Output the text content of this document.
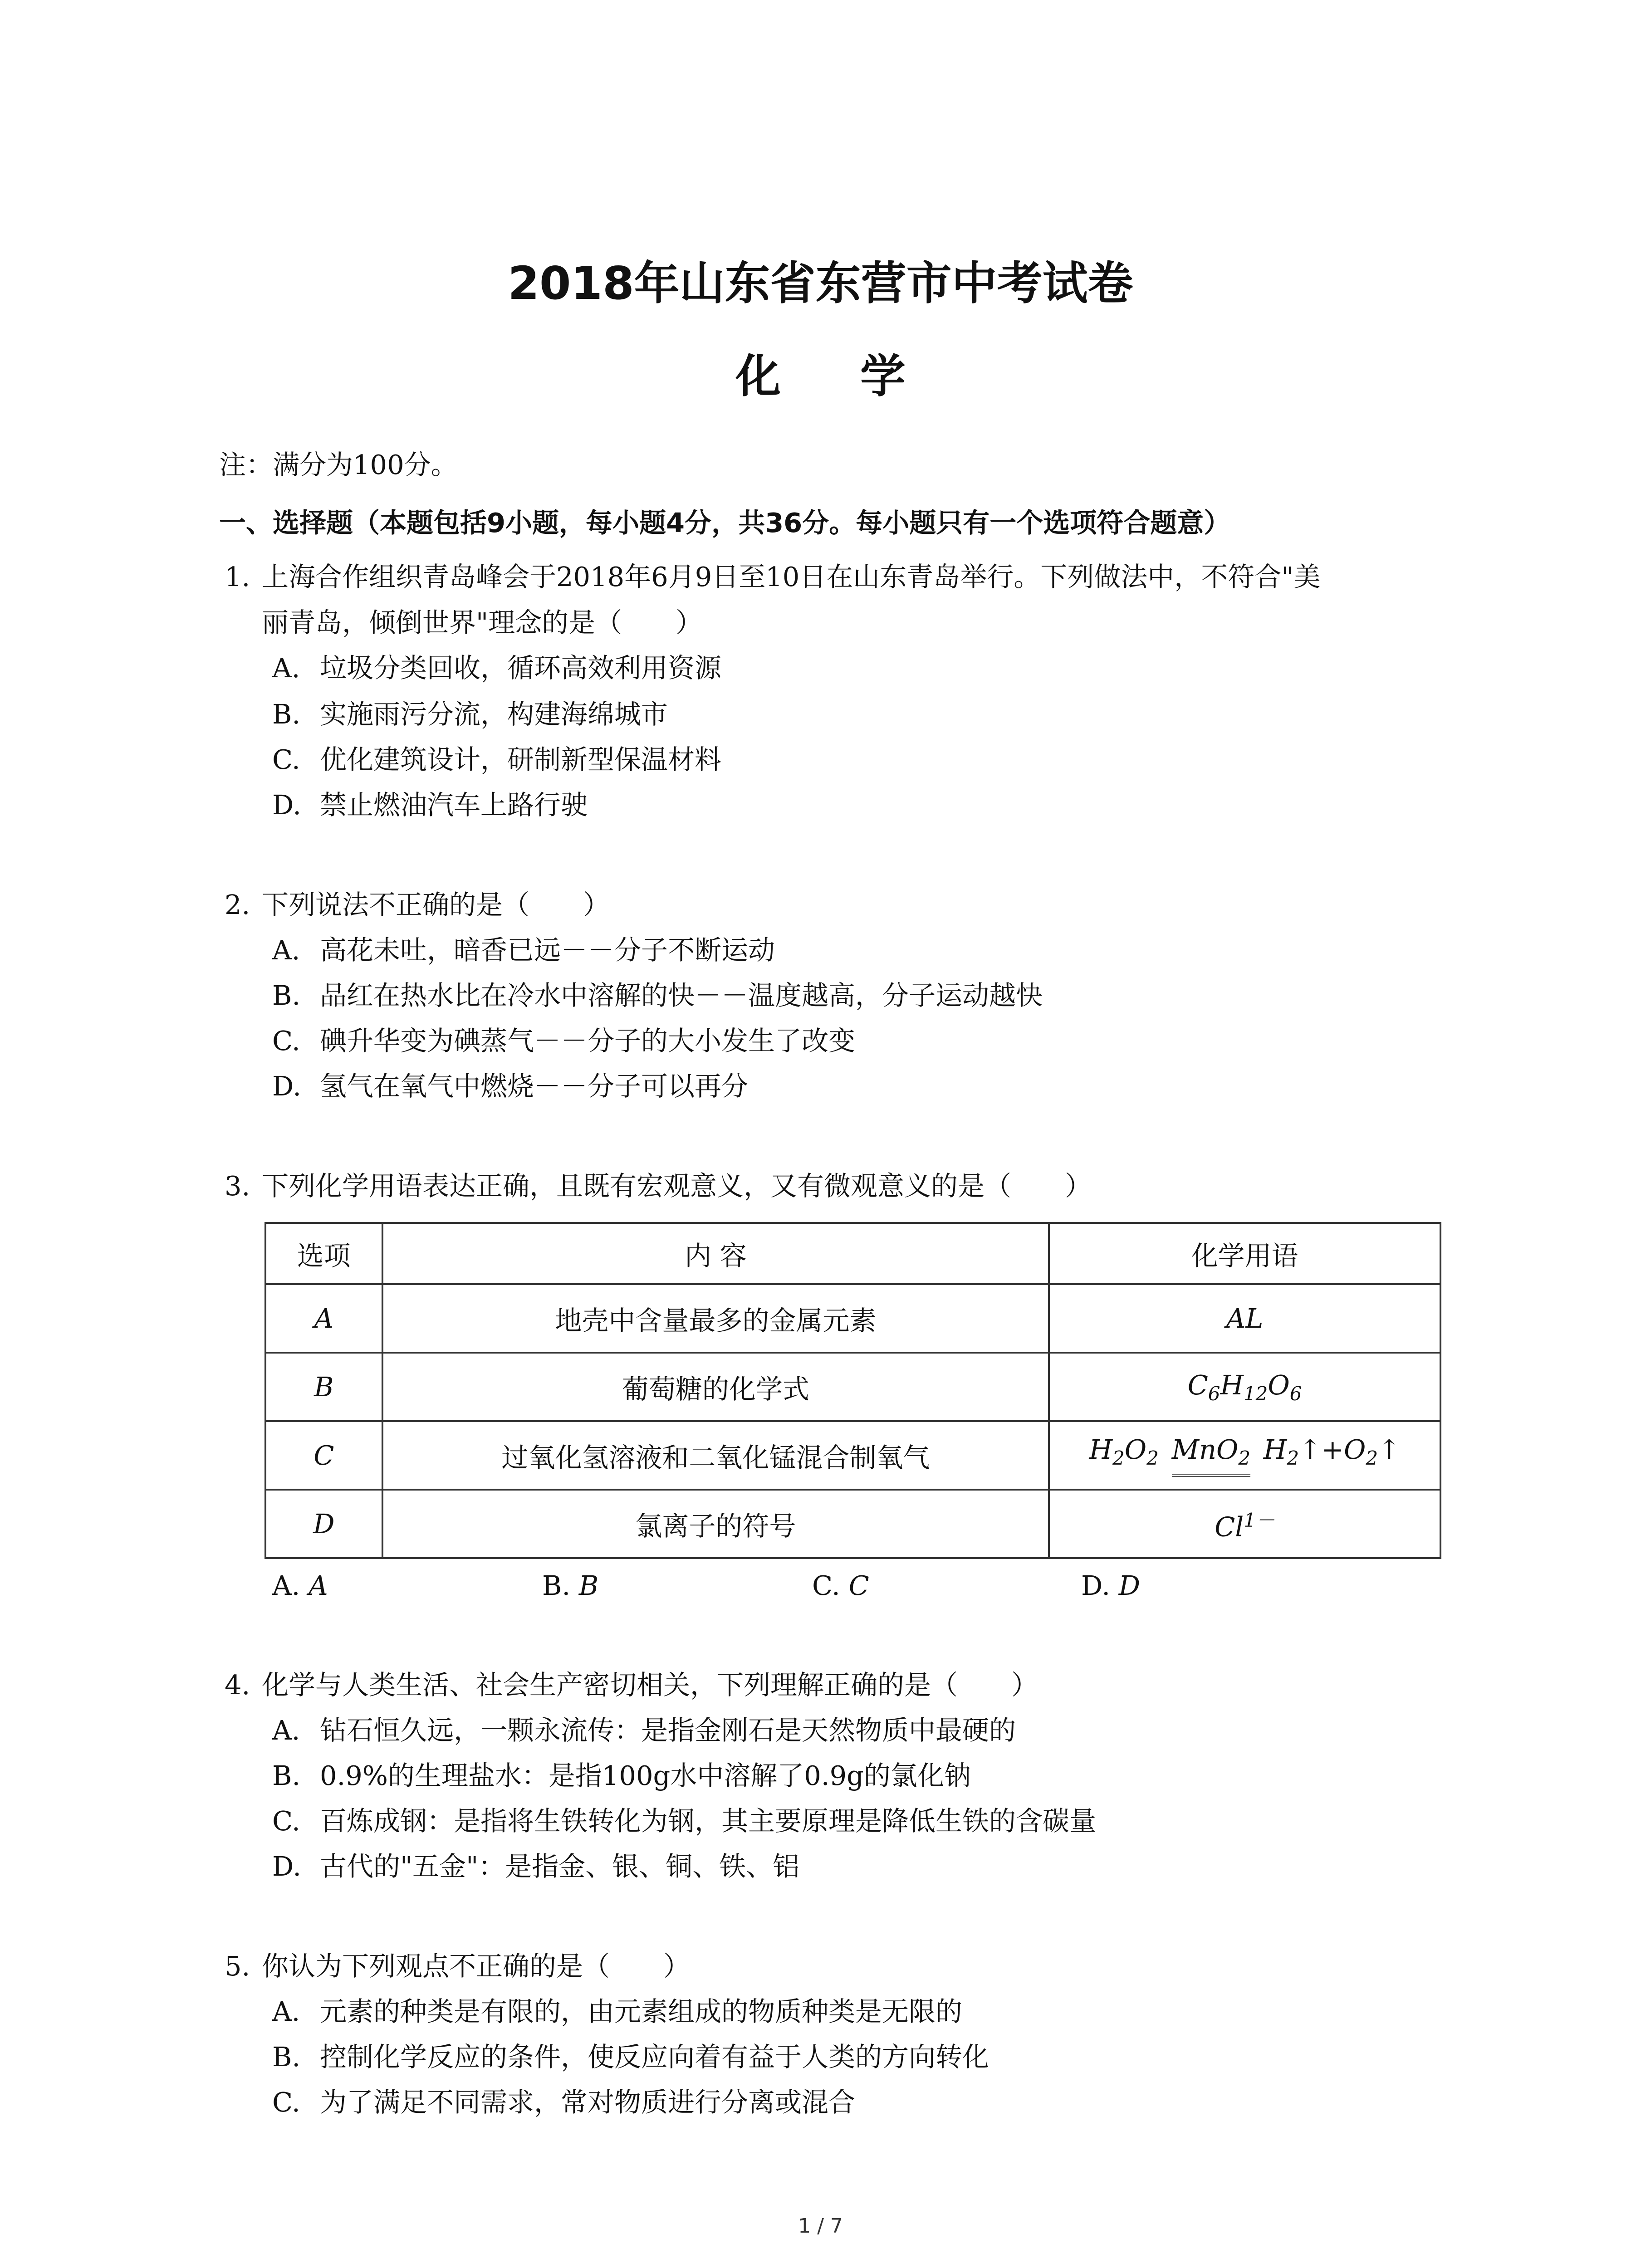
2018年山东省东营市中考试卷
化 学
注：满分为100分。
一、选择题（本题包括9小题，每小题4分，共36分。每小题只有一个选项符合题意）
1. 上海合作组织青岛峰会于2018年6月9日至10日在山东青岛举行。下列做法中，不符合"美
丽青岛，倾倒世界"理念的是（　　）
A. 垃圾分类回收，循环高效利用资源
B. 实施雨污分流，构建海绵城市
C. 优化建筑设计，研制新型保温材料
D. 禁止燃油汽车上路行驶
2. 下列说法不正确的是（　　）
A. 高花未吐，暗香已远－－分子不断运动
B. 品红在热水比在冷水中溶解的快－－温度越高，分子运动越快
C. 碘升华变为碘蒸气－－分子的大小发生了改变
D. 氢气在氧气中燃烧－－分子可以再分
3. 下列化学用语表达正确，且既有宏观意义，又有微观意义的是（　　）
选项	内 容	化学用语
A	地壳中含量最多的金属元素	AL
B	葡萄糖的化学式	$C_6H_{12}O_6$
C	过氧化氢溶液和二氧化锰混合制氧气	$H_2O_2$ MnO$_2$ $H_2↑+O_2↑$
D	氯离子的符号	$Cl^{1-}$
A. A	B. B	C. C	D. D
4. 化学与人类生活、社会生产密切相关，下列理解正确的是（　　）
A. 钻石恒久远，一颗永流传：是指金刚石是天然物质中最硬的
B. 0.9%的生理盐水：是指100g水中溶解了0.9g的氯化钠
C. 百炼成钢：是指将生铁转化为钢，其主要原理是降低生铁的含碳量
D. 古代的"五金"：是指金、银、铜、铁、铝
5. 你认为下列观点不正确的是（　　）
A. 元素的种类是有限的，由元素组成的物质种类是无限的
B. 控制化学反应的条件，使反应向着有益于人类的方向转化
C. 为了满足不同需求，常对物质进行分离或混合
1 / 7
